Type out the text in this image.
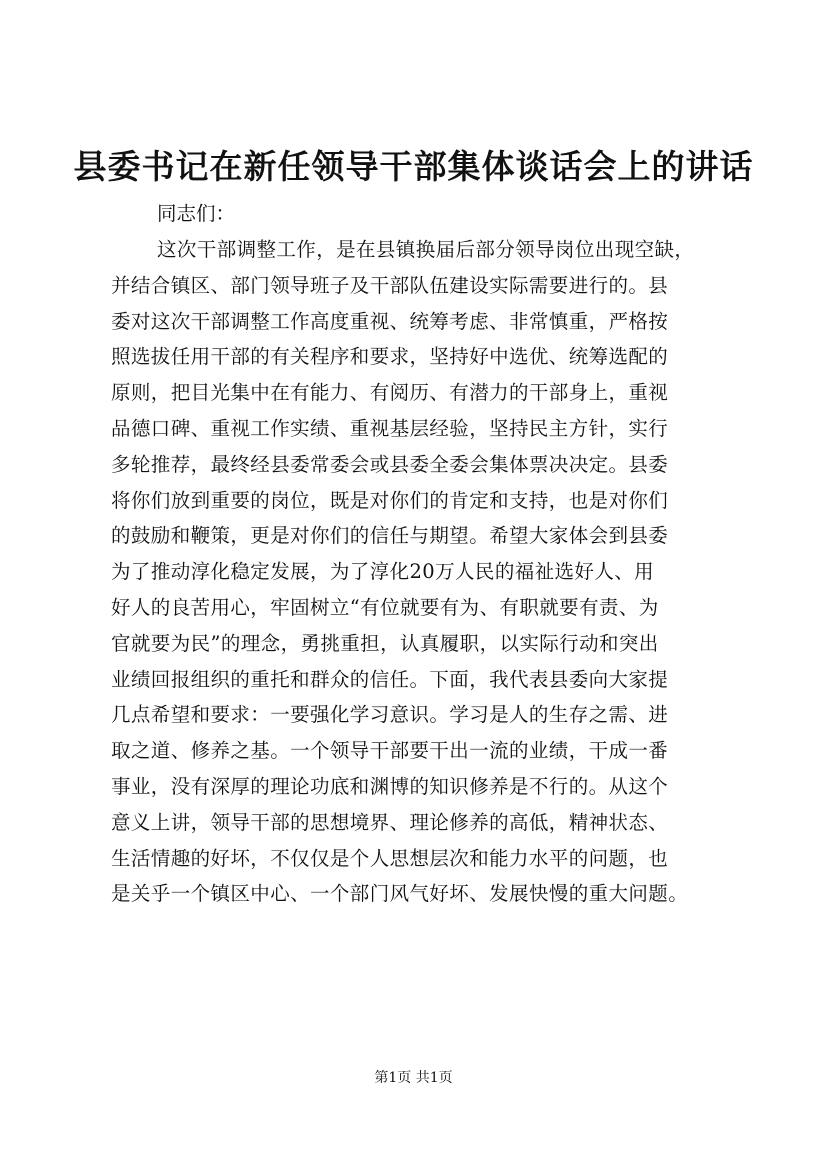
县委书记在新任领导干部集体谈话会上的讲话

同志们：

这次干部调整工作，是在县镇换届后部分领导岗位出现空缺，
并结合镇区、部门领导班子及干部队伍建设实际需要进行的。县
委对这次干部调整工作高度重视、统筹考虑、非常慎重，严格按
照选拔任用干部的有关程序和要求，坚持好中选优、统筹选配的
原则，把目光集中在有能力、有阅历、有潜力的干部身上，重视
品德口碑、重视工作实绩、重视基层经验，坚持民主方针，实行
多轮推荐，最终经县委常委会或县委全委会集体票决决定。县委
将你们放到重要的岗位，既是对你们的肯定和支持，也是对你们
的鼓励和鞭策，更是对你们的信任与期望。希望大家体会到县委
为了推动淳化稳定发展，为了淳化20万人民的福祉选好人、用
好人的良苦用心，牢固树立“有位就要有为、有职就要有责、为
官就要为民”的理念，勇挑重担，认真履职，以实际行动和突出
业绩回报组织的重托和群众的信任。下面，我代表县委向大家提
几点希望和要求：一要强化学习意识。学习是人的生存之需、进
取之道、修养之基。一个领导干部要干出一流的业绩，干成一番
事业，没有深厚的理论功底和渊博的知识修养是不行的。从这个
意义上讲，领导干部的思想境界、理论修养的高低，精神状态、
生活情趣的好坏，不仅仅是个人思想层次和能力水平的问题，也
是关乎一个镇区中心、一个部门风气好坏、发展快慢的重大问题。
第1页 共1页
